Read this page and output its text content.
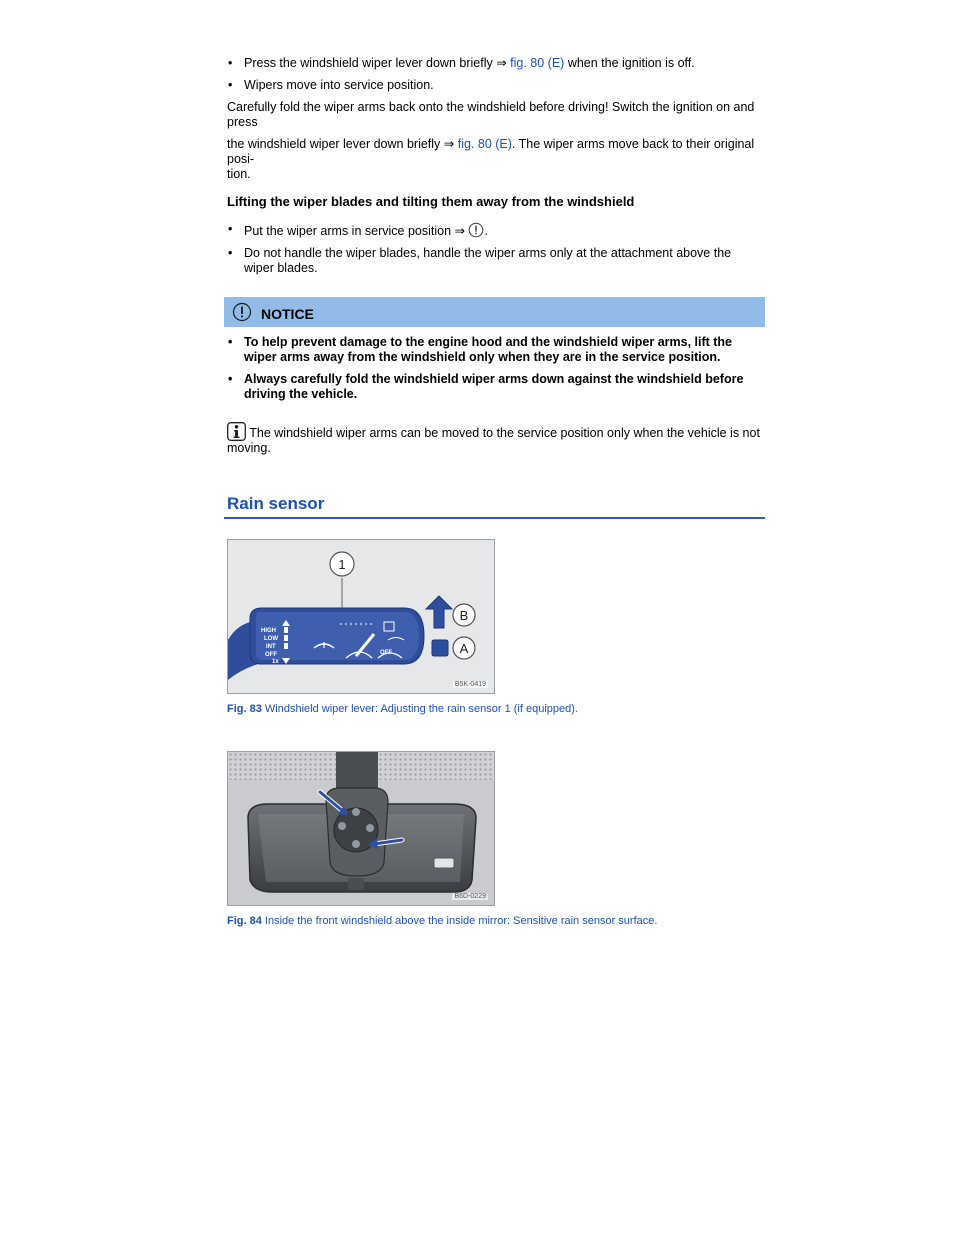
• Press the windshield wiper lever down briefly ⇒ fig. 80 (E) when the ignition is off.
• Wipers move into service position.

Carefully fold the wiper arms back onto the windshield before driving! Switch the ignition on and press

the windshield wiper lever down briefly ⇒ fig. 80 (E). The wiper arms move back to their original posi-

tion.

Lifting the wiper blades and tilting them away from the windshield
• Put the wiper arms in service position ⇒ .
• Do not handle the wiper blades, handle the wiper arms only at the attachment above the wiper blades.
NOTICE
• To help prevent damage to the engine hood and the windshield wiper arms, lift the wiper arms away from the windshield only when they are in the service position.
• Always carefully fold the windshield wiper arms down against the windshield before driving the vehicle.
The windshield wiper arms can be moved to the service position only when the vehicle is not moving.
Rain sensor
1
HIGH
LOW
INT
OFF
1x
OFF
B
A
B5K-0419
Fig. 83 Windshield wiper lever: Adjusting the rain sensor 1 (if equipped).
B6D-0229
Fig. 84 Inside the front windshield above the inside mirror: Sensitive rain sensor surface.
